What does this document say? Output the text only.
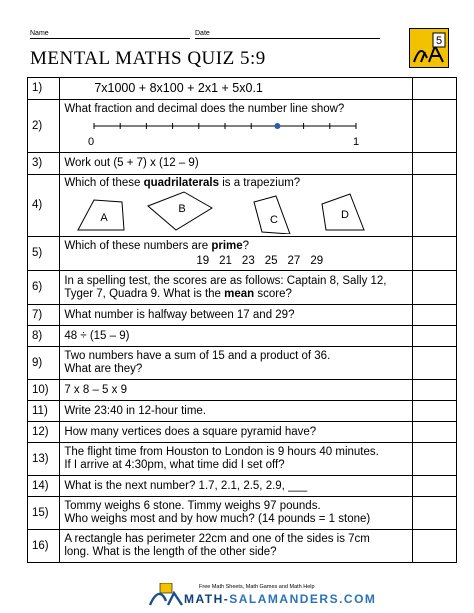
Name	Date
MENTAL MATHS QUIZ 5:9
5
1)	7x1000 + 8x100 + 2x1 + 5x0.1	
2)	What fraction and decimal does the number line show?
0 1	

3)	Work out (5 + 7) x (12 – 9)	
4)	Which of these quadrilaterals is a trapezium?
A
B
C D	

5)	Which of these numbers are prime?
19 21 23 25 27 29	

6)	In a spelling test, the scores are as follows: Captain 8, Sally 12, Tyger 7, Quadra 9. What is the mean score?	
7)	What number is halfway between 17 and 29?	
8)	48 ÷ (15 – 9)	
9)	Two numbers have a sum of 15 and a product of 36.
What are they?	

10)	7 x 8 – 5 x 9	
11)	Write 23:40 in 12-hour time.	
12)	How many vertices does a square pyramid have?	
13)	The flight time from Houston to London is 9 hours 40 minutes.
If I arrive at 4:30pm, what time did I set off?	

14)	What is the next number? 1.7, 2.1, 2.5, 2.9, ___	
15)	Tommy weighs 6 stone. Timmy weighs 97 pounds.
Who weighs most and by how much? (14 pounds = 1 stone)	

16)	A rectangle has perimeter 22cm and one of the sides is 7cm
long. What is the length of the other side?	

Free Math Sheets, Math Games and Math Help
MATH-SALAMANDERS.COM
